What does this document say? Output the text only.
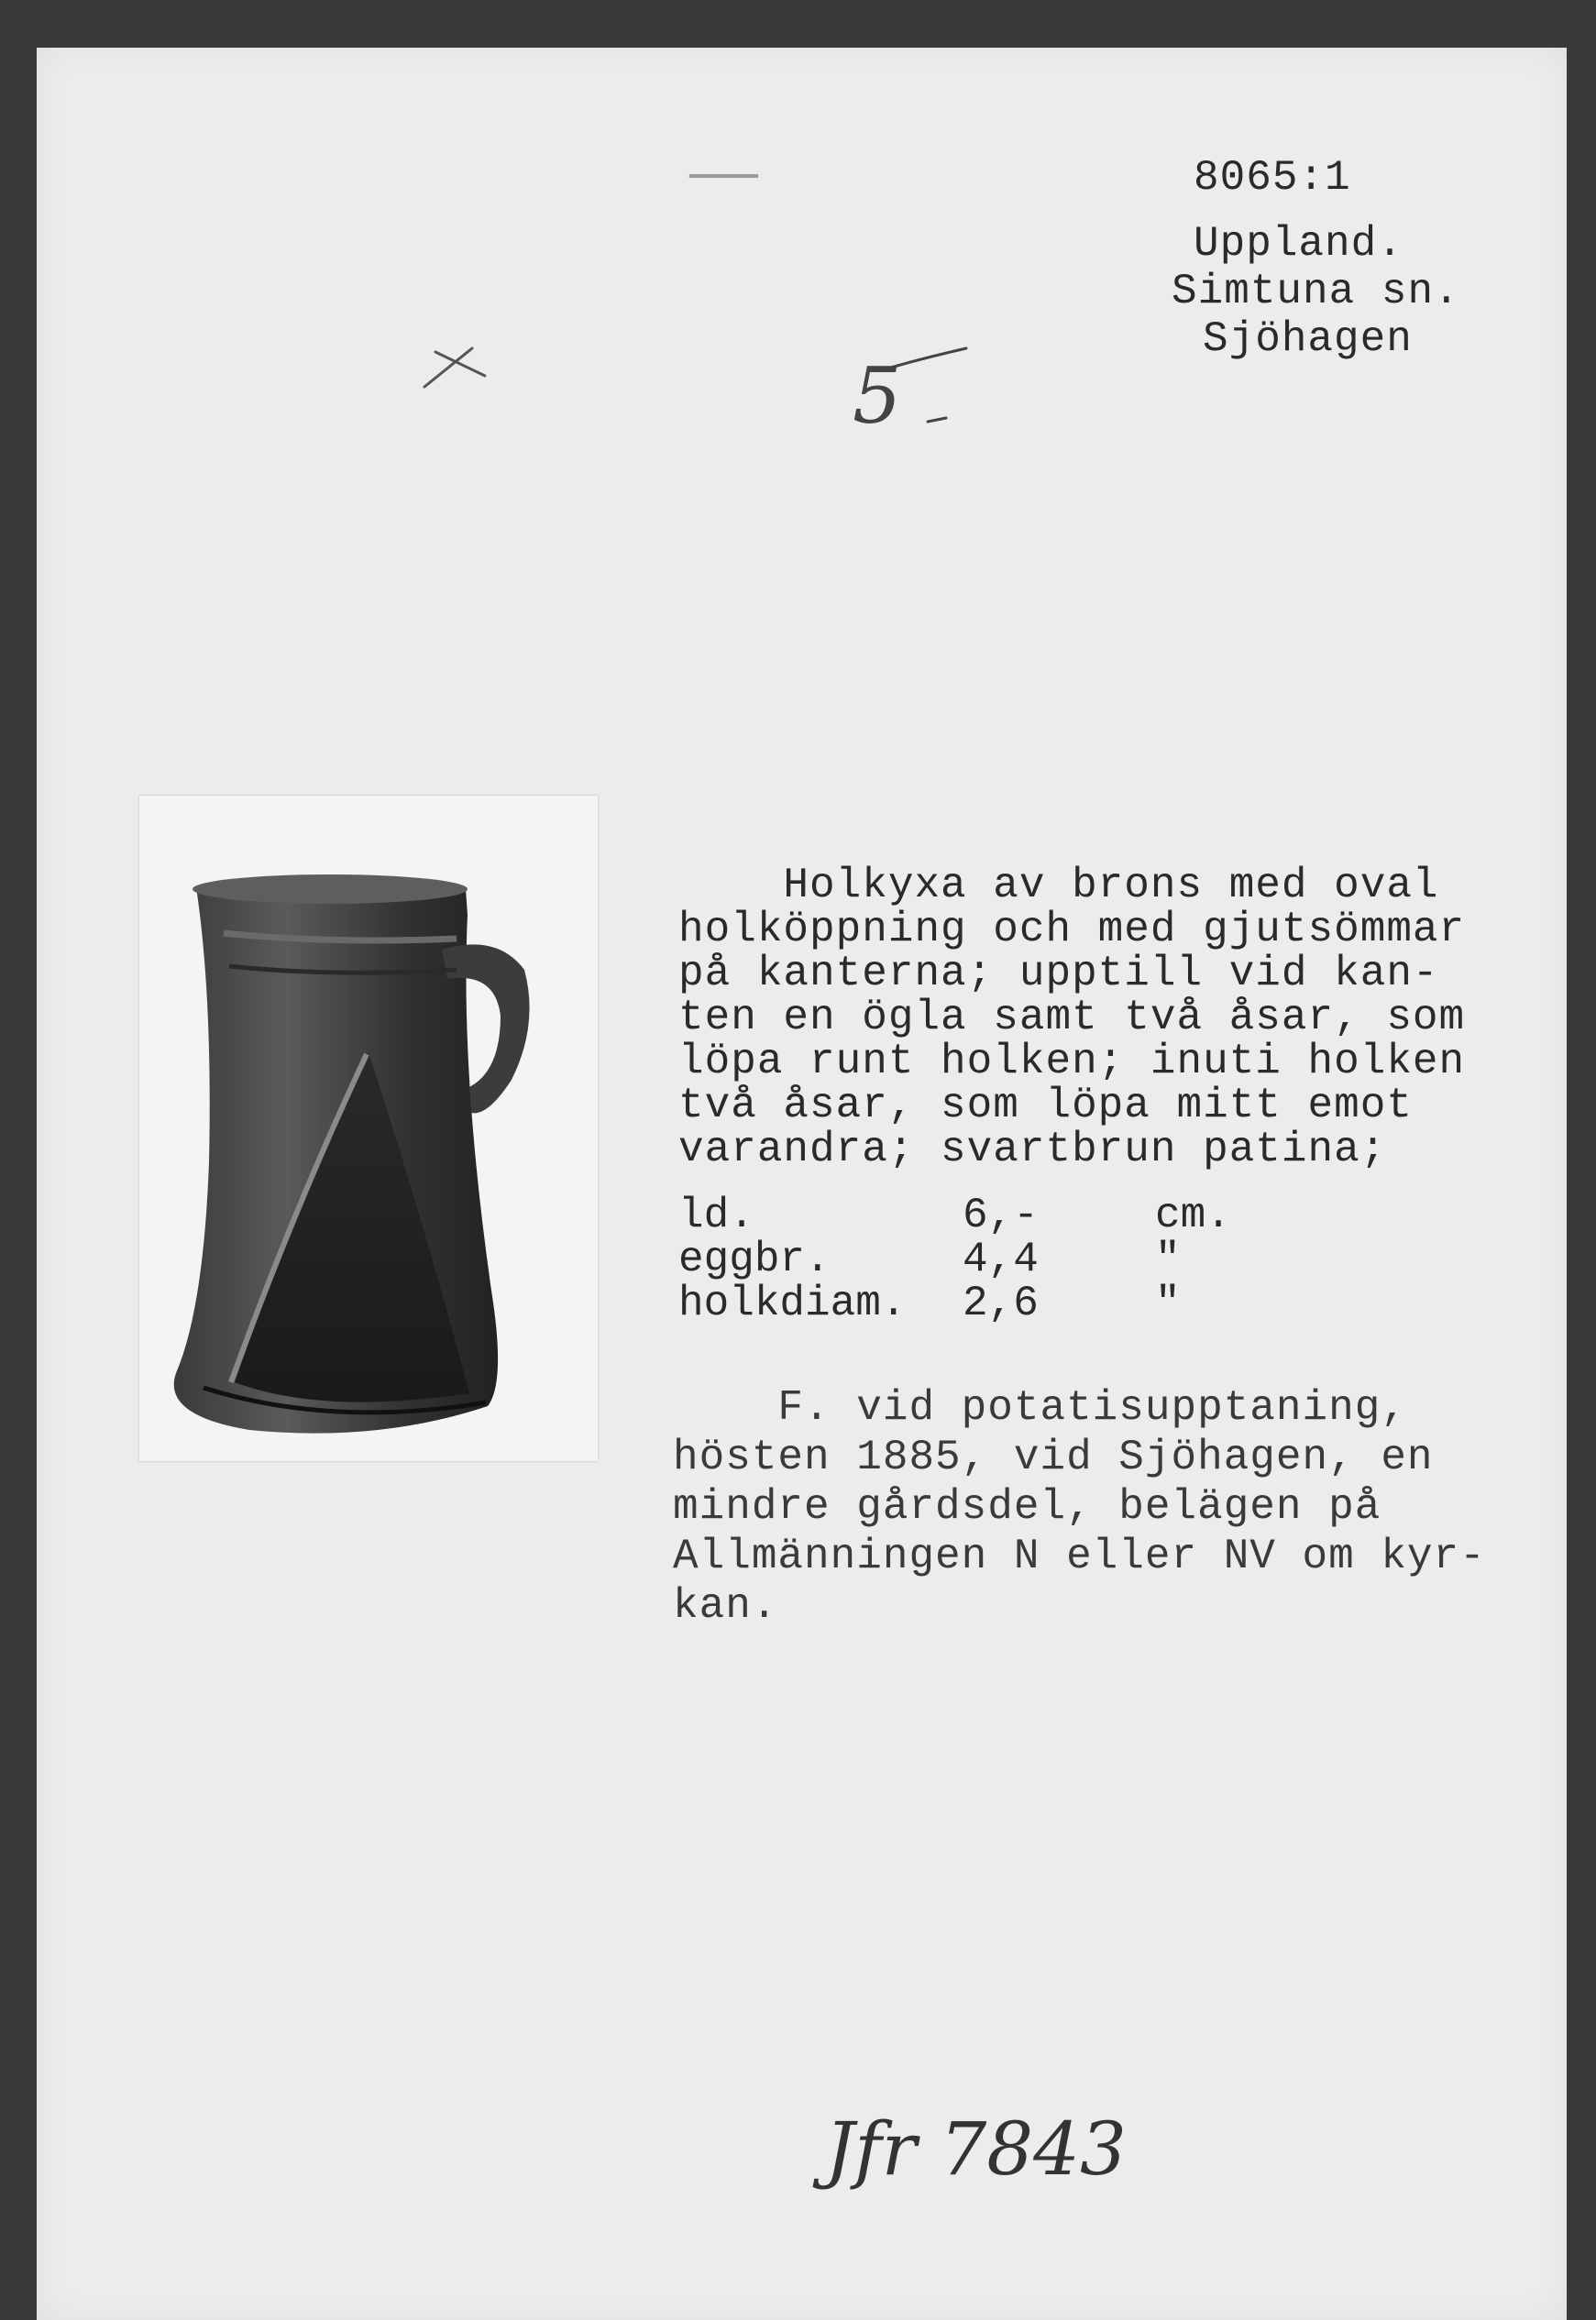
———	8065:1

Uppland.

Simtuna sn.

Sjöhagen

5
Holkyxa av brons med oval
holköppning och med gjutsömmar
på kanterna; upptill vid kan-
ten en ögla samt två åsar, som
löpa runt holken; inuti holken
två åsar, som löpa mitt emot
varandra; svartbrun patina;
ld.	6,-	cm.
eggbr.	4,4	"
holkdiam.	2,6	"
F. vid potatisupptaning,
hösten 1885, vid Sjöhagen, en
mindre gårdsdel, belägen på
Allmänningen N eller NV om kyr-
kan.
Jfr 7843
